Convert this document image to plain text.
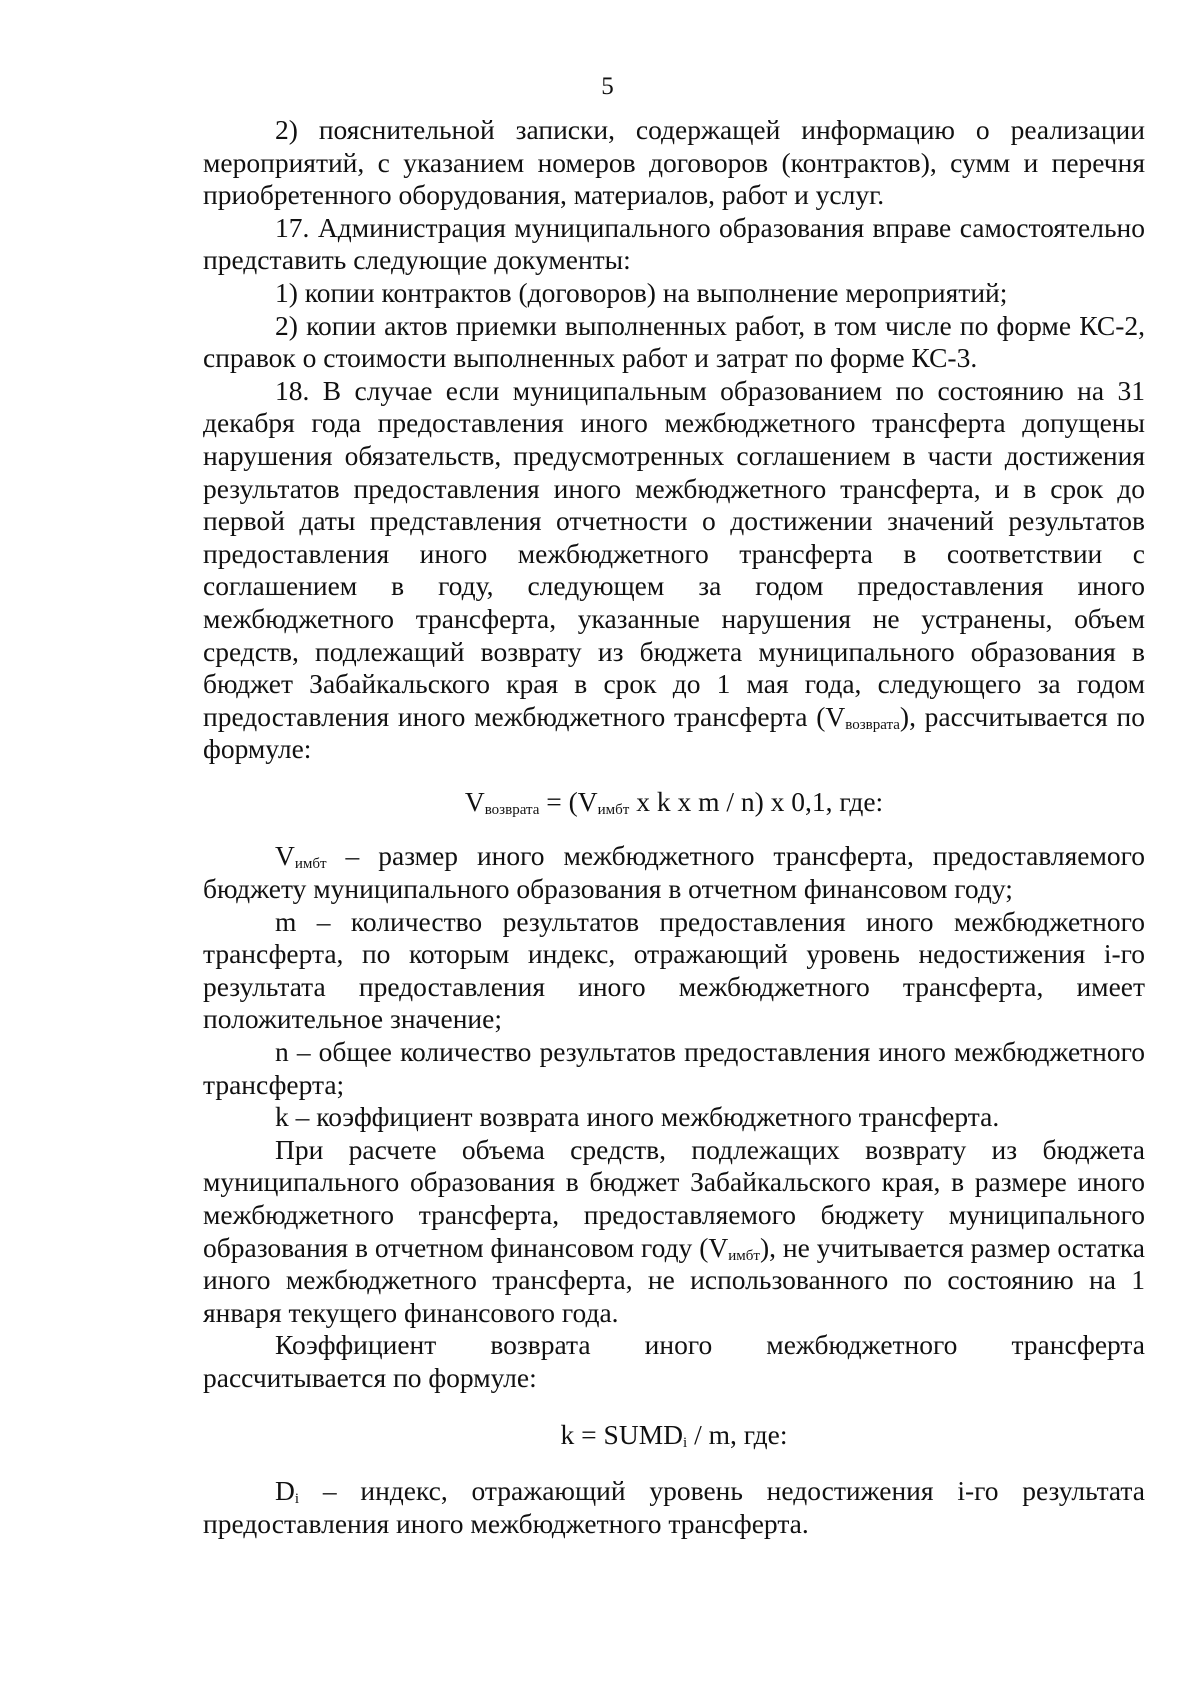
5

2) пояснительной записки, содержащей информацию о реализации мероприятий, с указанием номеров договоров (контрактов), сумм и перечня приобретенного оборудования, материалов, работ и услуг.

17. Администрация муниципального образования вправе самостоятельно представить следующие документы:

1) копии контрактов (договоров) на выполнение мероприятий;

2) копии актов приемки выполненных работ, в том числе по форме КС-2, справок о стоимости выполненных работ и затрат по форме КС-3.

18. В случае если муниципальным образованием по состоянию на 31 декабря года предоставления иного межбюджетного трансферта допущены нарушения обязательств, предусмотренных соглашением в части достижения результатов предоставления иного межбюджетного трансферта, и в срок до первой даты представления отчетности о достижении значений результатов предоставления иного межбюджетного трансферта в соответствии с соглашением в году, следующем за годом предоставления иного межбюджетного трансферта, указанные нарушения не устранены, объем средств, подлежащий возврату из бюджета муниципального образования в бюджет Забайкальского края в срок до 1 мая года, следующего за годом предоставления иного межбюджетного трансферта $(V_{возврата})$, рассчитывается по формуле:

$V_{возврата} = (V_{имбт}$ x k x m / n) x 0,1, где:

$V_{имбт}$ – размер иного межбюджетного трансферта, предоставляемого бюджету муниципального образования в отчетном финансовом году;

m – количество результатов предоставления иного межбюджетного трансферта, по которым индекс, отражающий уровень недостижения i-го результата предоставления иного межбюджетного трансферта, имеет положительное значение;

n – общее количество результатов предоставления иного межбюджетного трансферта;

k – коэффициент возврата иного межбюджетного трансферта.

При расчете объема средств, подлежащих возврату из бюджета муниципального образования в бюджет Забайкальского края, в размере иного межбюджетного трансферта, предоставляемого бюджету муниципального образования в отчетном финансовом году $(V_{имбт})$, не учитывается размер остатка иного межбюджетного трансферта, не использованного по состоянию на 1 января текущего финансового года.

Коэффициент возврата иного межбюджетного трансферта рассчитывается по формуле:

$k = SUMD_i / m$, где:

$D_i$ – индекс, отражающий уровень недостижения i-го результата предоставления иного межбюджетного трансферта.
